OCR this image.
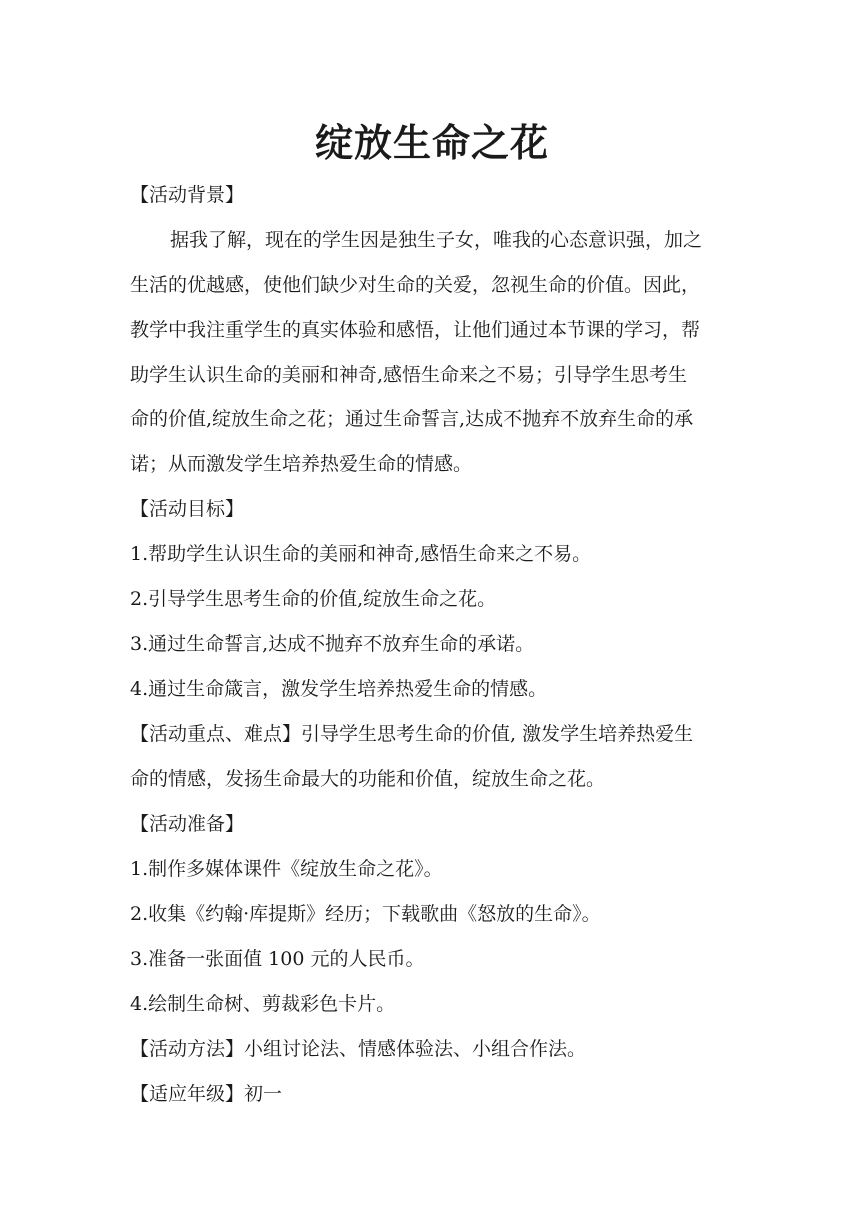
绽放生命之花
【活动背景】
据我了解，现在的学生因是独生子女，唯我的心态意识强，加之
生活的优越感，使他们缺少对生命的关爱，忽视生命的价值。因此，
教学中我注重学生的真实体验和感悟，让他们通过本节课的学习，帮
助学生认识生命的美丽和神奇,感悟生命来之不易；引导学生思考生
命的价值,绽放生命之花；通过生命誓言,达成不抛弃不放弃生命的承
诺；从而激发学生培养热爱生命的情感。
【活动目标】
1.帮助学生认识生命的美丽和神奇,感悟生命来之不易。
2.引导学生思考生命的价值,绽放生命之花。
3.通过生命誓言,达成不抛弃不放弃生命的承诺。
4.通过生命箴言，激发学生培养热爱生命的情感。
【活动重点、难点】引导学生思考生命的价值, 激发学生培养热爱生
命的情感，发扬生命最大的功能和价值，绽放生命之花。
【活动准备】
1.制作多媒体课件《绽放生命之花》。
2.收集《约翰·库提斯》经历；下载歌曲《怒放的生命》。
3.准备一张面值 100 元的人民币。
4.绘制生命树、剪裁彩色卡片。
【活动方法】小组讨论法、情感体验法、小组合作法。
【适应年级】初一
